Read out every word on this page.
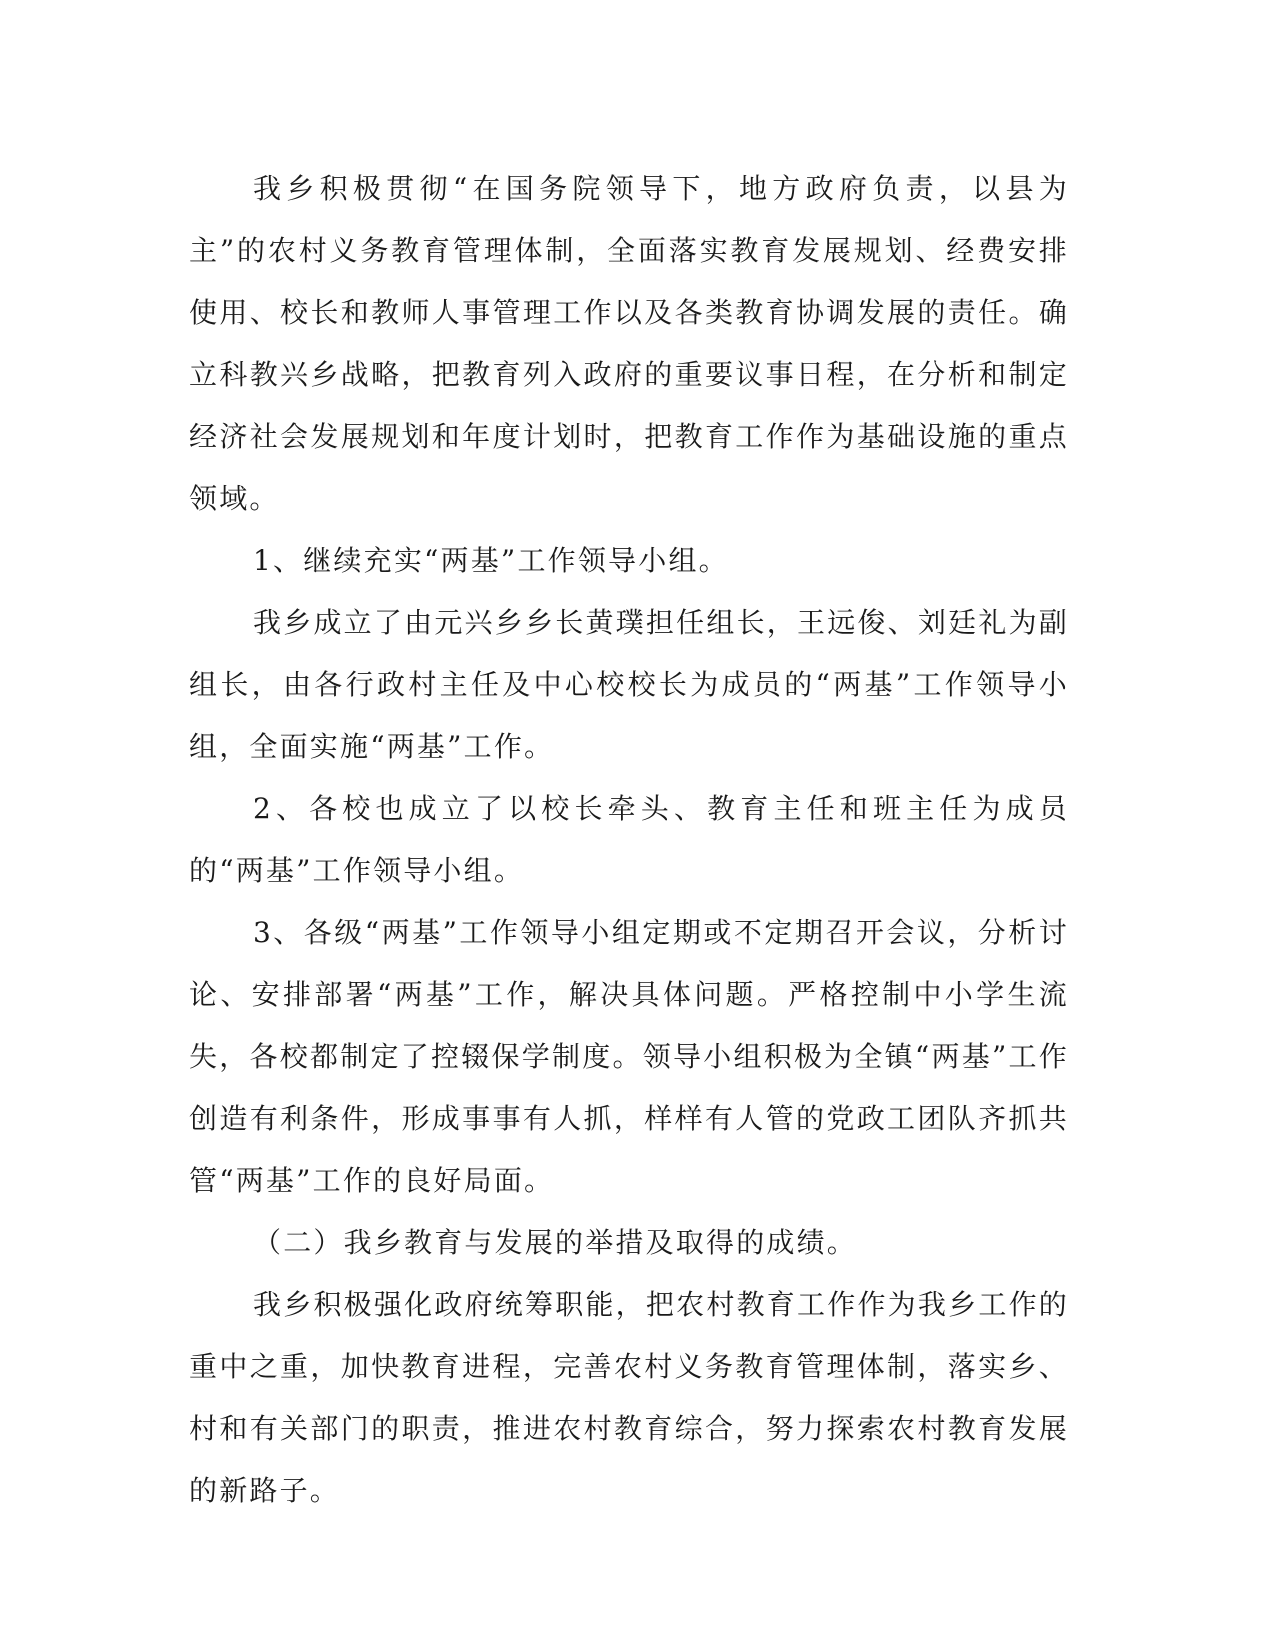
我乡积极贯彻“在国务院领导下，地方政府负责，以县为主”的农村义务教育管理体制，全面落实教育发展规划、经费安排使用、校长和教师人事管理工作以及各类教育协调发展的责任。确立科教兴乡战略，把教育列入政府的重要议事日程，在分析和制定经济社会发展规划和年度计划时，把教育工作作为基础设施的重点领域。

1、继续充实“两基”工作领导小组。

我乡成立了由元兴乡乡长黄璞担任组长，王远俊、刘廷礼为副组长，由各行政村主任及中心校校长为成员的“两基”工作领导小组，全面实施“两基”工作。

2、各校也成立了以校长牵头、教育主任和班主任为成员的“两基”工作领导小组。

3、各级“两基”工作领导小组定期或不定期召开会议，分析讨论、安排部署“两基”工作，解决具体问题。严格控制中小学生流失，各校都制定了控辍保学制度。领导小组积极为全镇“两基”工作创造有利条件，形成事事有人抓，样样有人管的党政工团队齐抓共管“两基”工作的良好局面。

（二）我乡教育与发展的举措及取得的成绩。

我乡积极强化政府统筹职能，把农村教育工作作为我乡工作的重中之重，加快教育进程，完善农村义务教育管理体制，落实乡、村和有关部门的职责，推进农村教育综合，努力探索农村教育发展的新路子。
